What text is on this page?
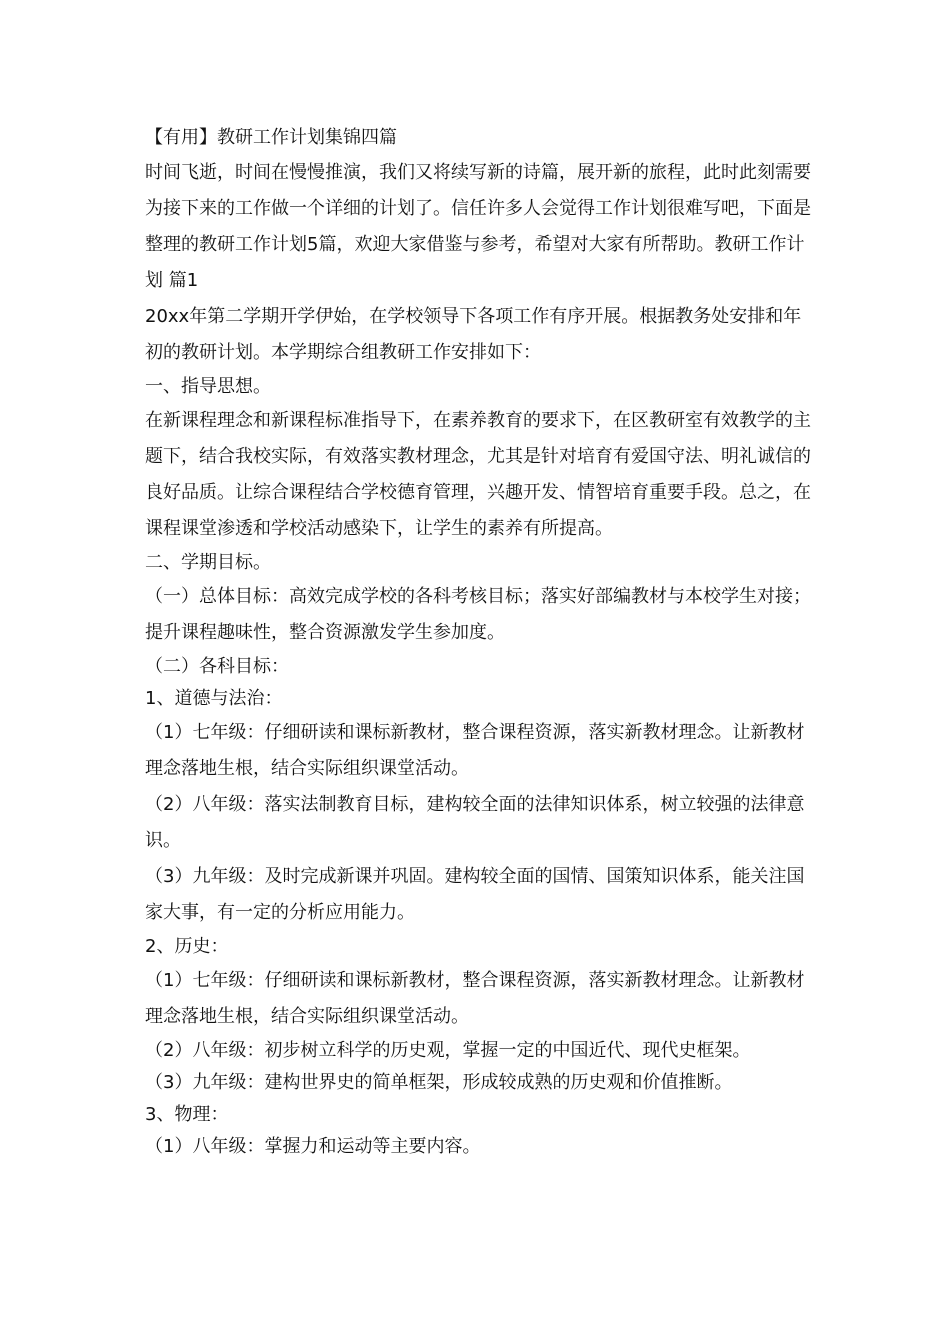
【有用】教研工作计划集锦四篇

时间飞逝，时间在慢慢推演，我们又将续写新的诗篇，展开新的旅程，此时此刻需要为接下来的工作做一个详细的计划了。信任许多人会觉得工作计划很难写吧，下面是整理的教研工作计划5篇，欢迎大家借鉴与参考，希望对大家有所帮助。教研工作计划 篇1

20xx年第二学期开学伊始，在学校领导下各项工作有序开展。根据教务处安排和年初的教研计划。本学期综合组教研工作安排如下：

一、指导思想。

在新课程理念和新课程标准指导下，在素养教育的要求下，在区教研室有效教学的主题下，结合我校实际，有效落实教材理念，尤其是针对培育有爱国守法、明礼诚信的良好品质。让综合课程结合学校德育管理，兴趣开发、情智培育重要手段。总之，在课程课堂渗透和学校活动感染下，让学生的素养有所提高。

二、学期目标。

（一）总体目标：高效完成学校的各科考核目标；落实好部编教材与本校学生对接；提升课程趣味性，整合资源激发学生参加度。

（二）各科目标：

1、道德与法治：

（1）七年级：仔细研读和课标新教材，整合课程资源，落实新教材理念。让新教材理念落地生根，结合实际组织课堂活动。

（2）八年级：落实法制教育目标，建构较全面的法律知识体系，树立较强的法律意识。

（3）九年级：及时完成新课并巩固。建构较全面的国情、国策知识体系，能关注国家大事，有一定的分析应用能力。

2、历史：

（1）七年级：仔细研读和课标新教材，整合课程资源，落实新教材理念。让新教材理念落地生根，结合实际组织课堂活动。

（2）八年级：初步树立科学的历史观，掌握一定的中国近代、现代史框架。

（3）九年级：建构世界史的简单框架，形成较成熟的历史观和价值推断。

3、物理：

（1）八年级：掌握力和运动等主要内容。
